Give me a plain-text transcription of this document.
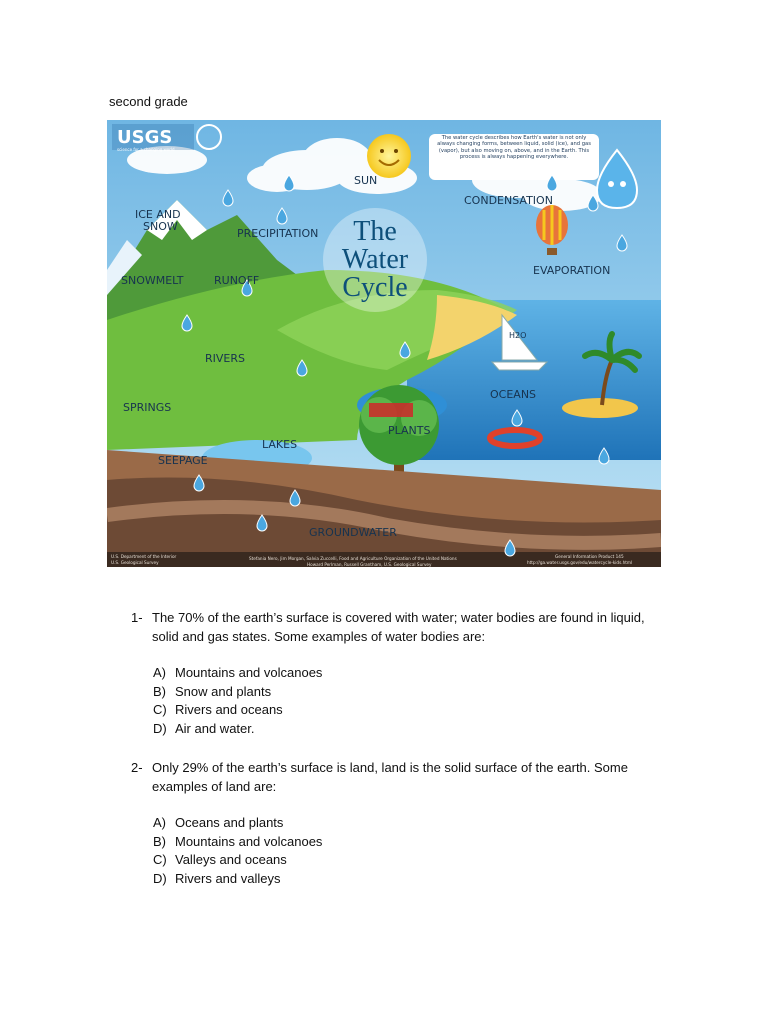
second grade
The
Water
Cycle
USGS
science for a changing world
The water cycle describes how Earth's water is not only always changing forms, between liquid, solid (ice), and gas (vapor), but also moving on, above, and in the Earth. This process is always happening everywhere.
ICE AND
SNOW
PRECIPITATION
SUN
CONDENSATION
EVAPORATION
SNOWMELT	RUNOFF
RIVERS
SPRINGS
SEEPAGE
LAKES
PLANTS
OCEANS
GROUNDWATER
H2O
U.S. Department of the Interior
U.S. Geological Survey
Stefania Nero, Jim Morgan, Salvia Zuccelli, Food and Agriculture Organization of the United Nations
Howard Perlman, Russell Grantham, U.S. Geological Survey
General Information Product 145
http://ga.water.usgs.gov/edu/watercycle-kids.html
1- The 70% of the earth’s surface is covered with water; water bodies are found in liquid,
solid and gas states. Some examples of water bodies are:
A) Mountains and volcanoes
B) Snow and plants
C) Rivers and oceans
D) Air and water.
2- Only 29% of the earth’s surface is land, land is the solid surface of the earth. Some
examples of land are:
A) Oceans and plants
B) Mountains and volcanoes
C) Valleys and oceans
D) Rivers and valleys
